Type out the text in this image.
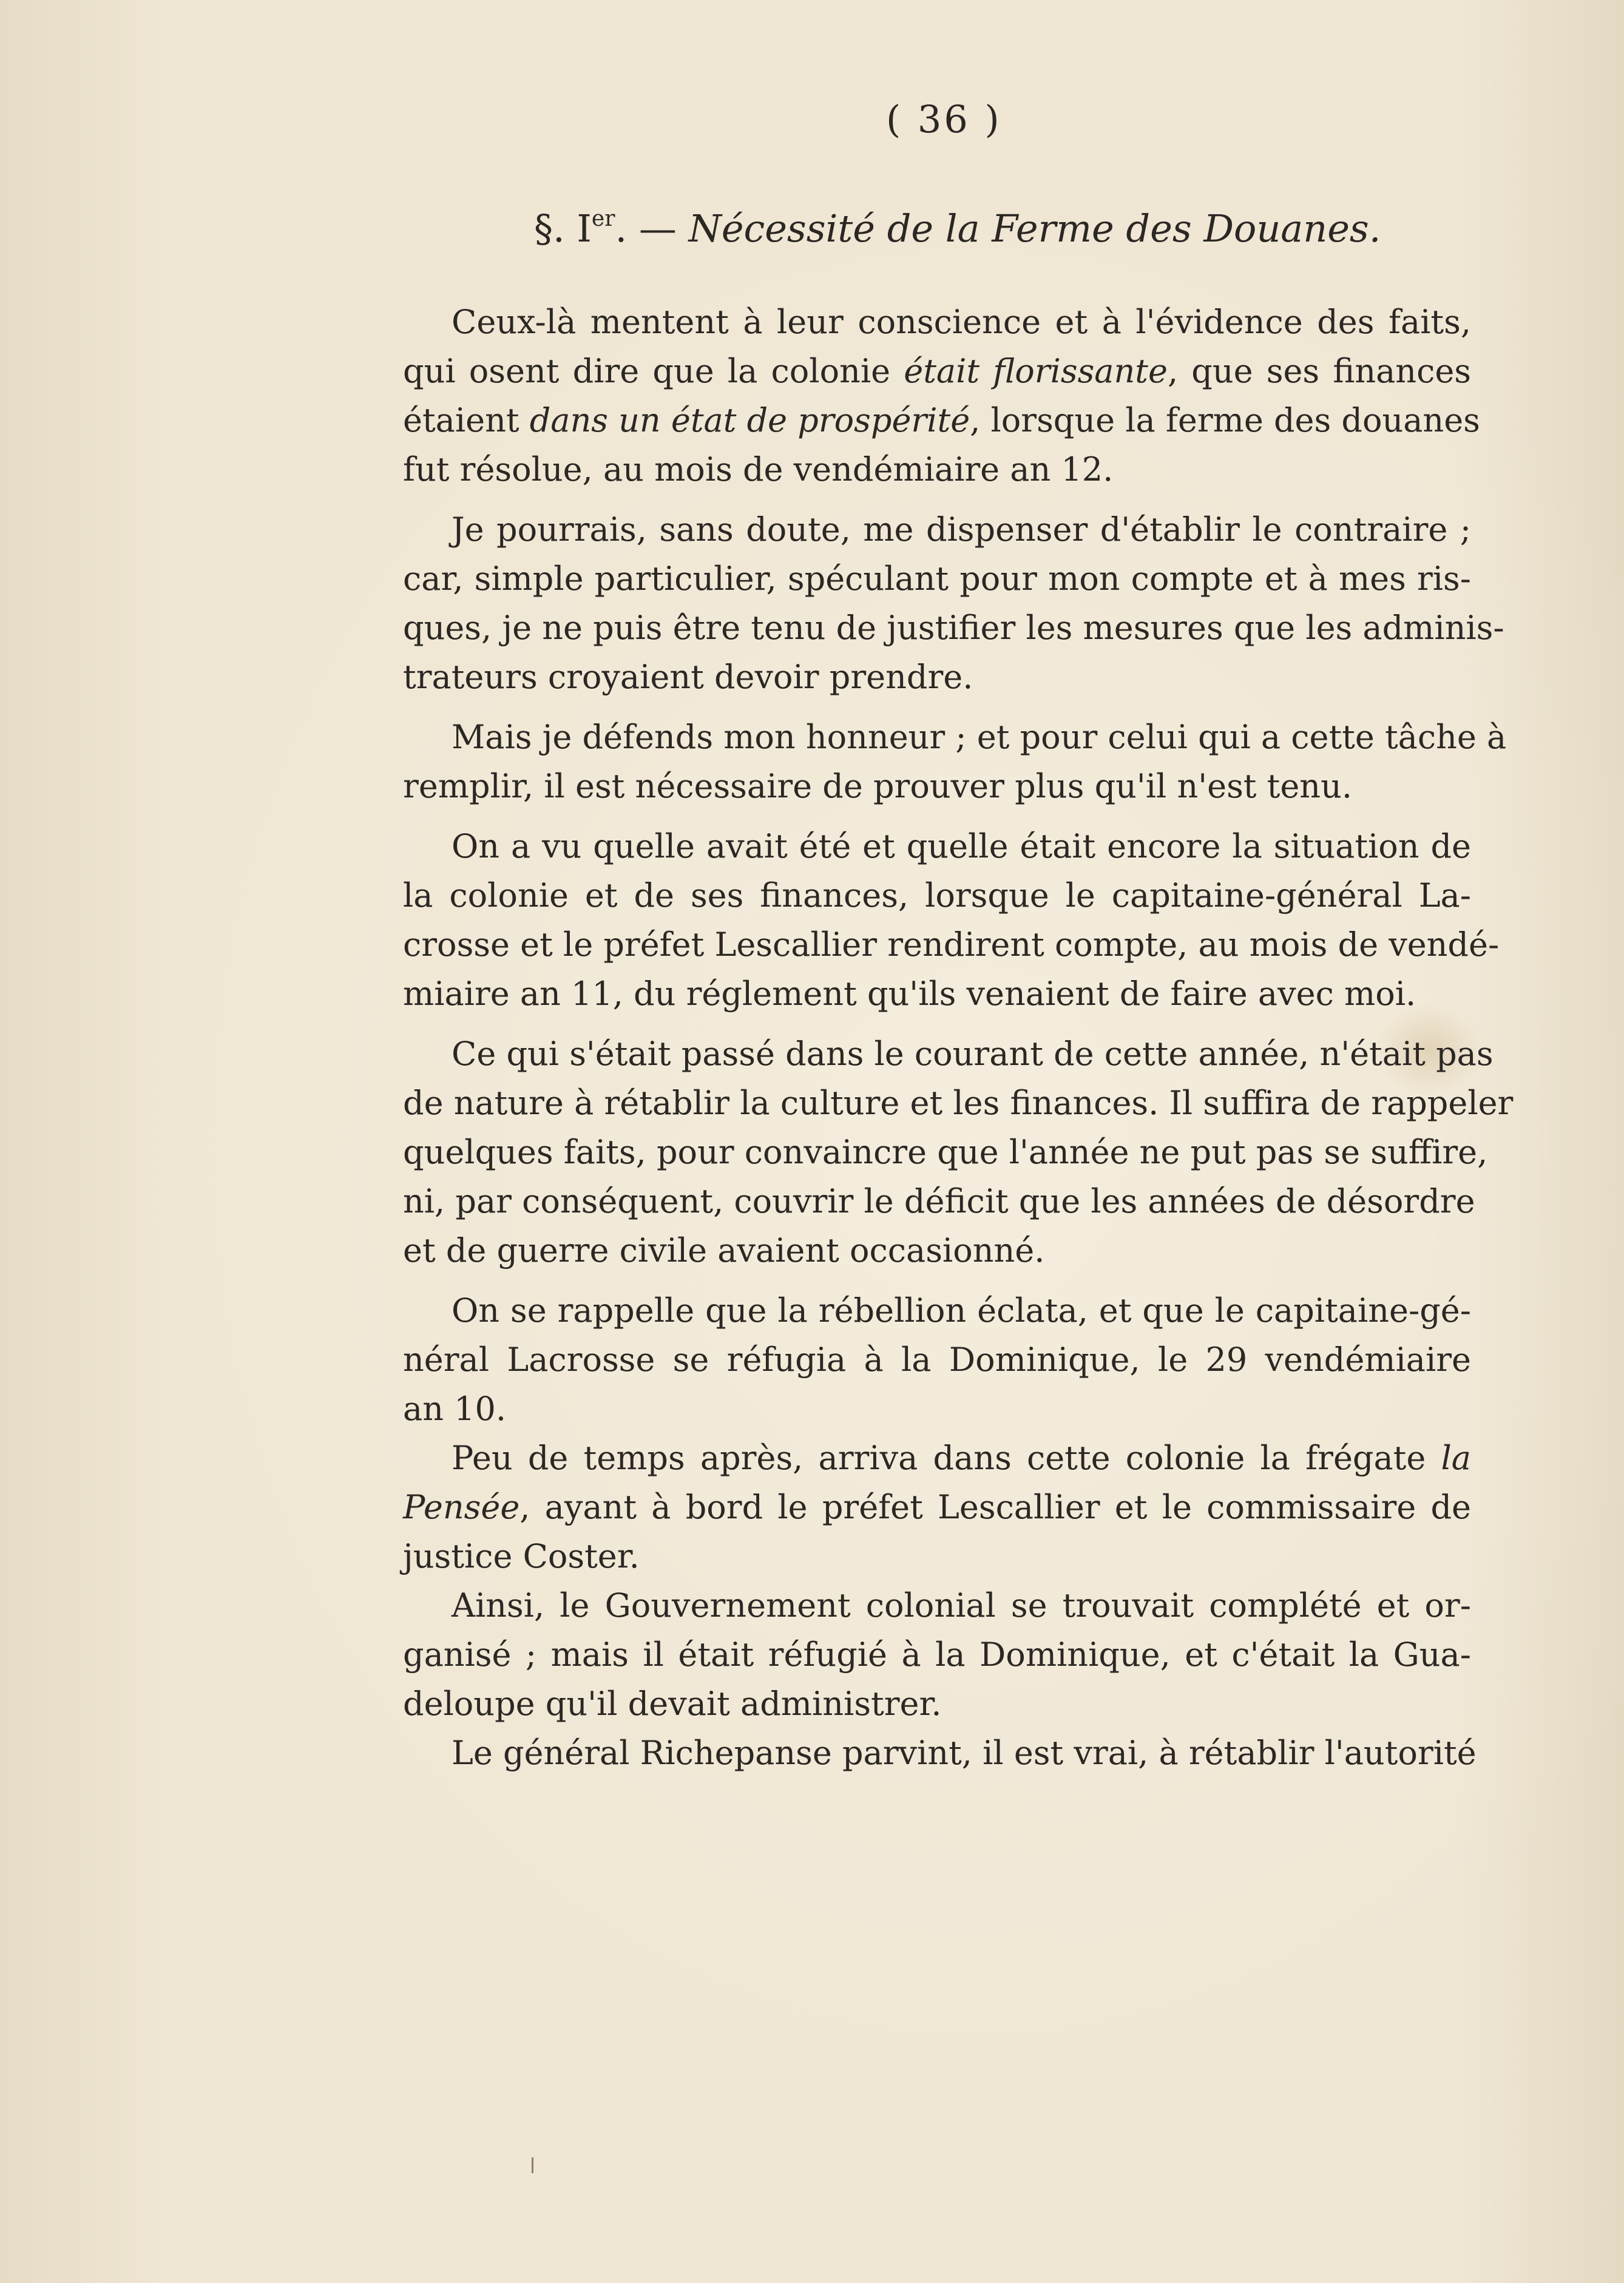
( 36 )
§. Ier. — Nécessité de la Ferme des Douanes.
Ceux-là mentent à leur conscience et à l'évidence des faits,
qui osent dire que la colonie était florissante, que ses finances
étaient dans un état de prospérité, lorsque la ferme des douanes
fut résolue, au mois de vendémiaire an 12.
Je pourrais, sans doute, me dispenser d'établir le contraire ;
car, simple particulier, spéculant pour mon compte et à mes ris-
ques, je ne puis être tenu de justifier les mesures que les adminis-
trateurs croyaient devoir prendre.
Mais je défends mon honneur ; et pour celui qui a cette tâche à
remplir, il est nécessaire de prouver plus qu'il n'est tenu.
On a vu quelle avait été et quelle était encore la situation de
la colonie et de ses finances, lorsque le capitaine-général La-
crosse et le préfet Lescallier rendirent compte, au mois de vendé-
miaire an 11, du réglement qu'ils venaient de faire avec moi.
Ce qui s'était passé dans le courant de cette année, n'était pas
de nature à rétablir la culture et les finances. Il suffira de rappeler
quelques faits, pour convaincre que l'année ne put pas se suffire,
ni, par conséquent, couvrir le déficit que les années de désordre
et de guerre civile avaient occasionné.
On se rappelle que la rébellion éclata, et que le capitaine-gé-
néral Lacrosse se réfugia à la Dominique, le 29 vendémiaire
an 10.
Peu de temps après, arriva dans cette colonie la frégate la
Pensée, ayant à bord le préfet Lescallier et le commissaire de
justice Coster.
Ainsi, le Gouvernement colonial se trouvait complété et or-
ganisé ; mais il était réfugié à la Dominique, et c'était la Gua-
deloupe qu'il devait administrer.
Le général Richepanse parvint, il est vrai, à rétablir l'autorité
